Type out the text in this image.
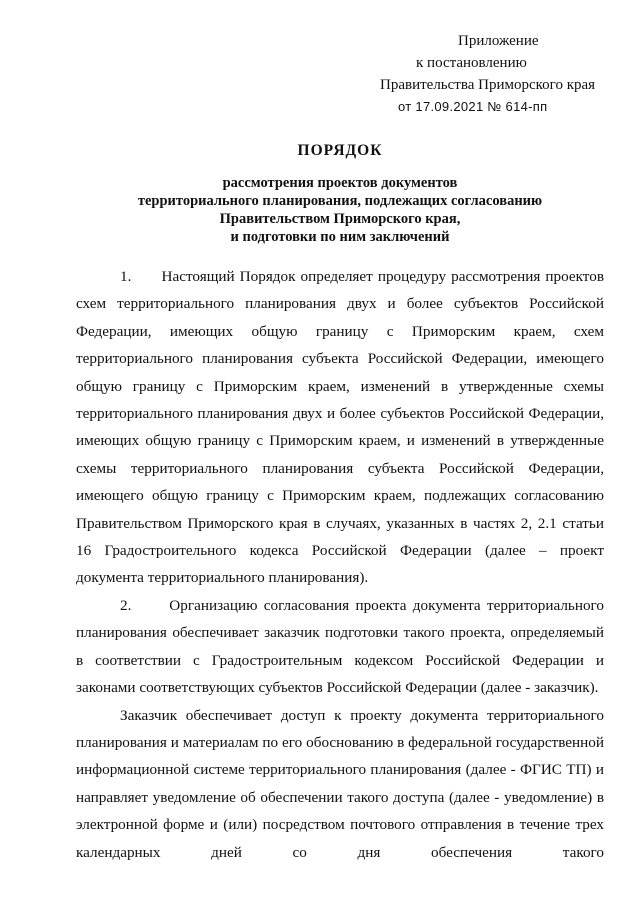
Приложение
к постановлению
Правительства Приморского края
от 17.09.2021 № 614-пп
ПОРЯДОК
рассмотрения проектов документов
территориального планирования, подлежащих согласованию
Правительством Приморского края,
и подготовки по ним заключений

1.      Настоящий Порядок определяет процедуру рассмотрения проектов схем территориального планирования двух и более субъектов Российской Федерации, имеющих общую границу с Приморским краем, схем территориального планирования субъекта Российской Федерации, имеющего общую границу с Приморским краем, изменений в утвержденные схемы территориального планирования двух и более субъектов Российской Федерации, имеющих общую границу с Приморским краем, и изменений в утвержденные схемы территориального планирования субъекта Российской Федерации, имеющего общую границу с Приморским краем, подлежащих согласованию Правительством Приморского края в случаях, указанных в частях 2, 2.1 статьи 16 Градостроительного кодекса Российской Федерации (далее – проект документа территориального планирования).

2.      Организацию согласования проекта документа территориального планирования обеспечивает заказчик подготовки такого проекта, определяемый в соответствии с Градостроительным кодексом Российской Федерации и законами соответствующих субъектов Российской Федерации (далее - заказчик).

Заказчик обеспечивает доступ к проекту документа территориального планирования и материалам по его обоснованию в федеральной государственной информационной системе территориального планирования (далее - ФГИС ТП) и направляет уведомление об обеспечении такого доступа (далее - уведомление) в электронной форме и (или) посредством почтового отправления в течение трех календарных дней со дня обеспечения такого
